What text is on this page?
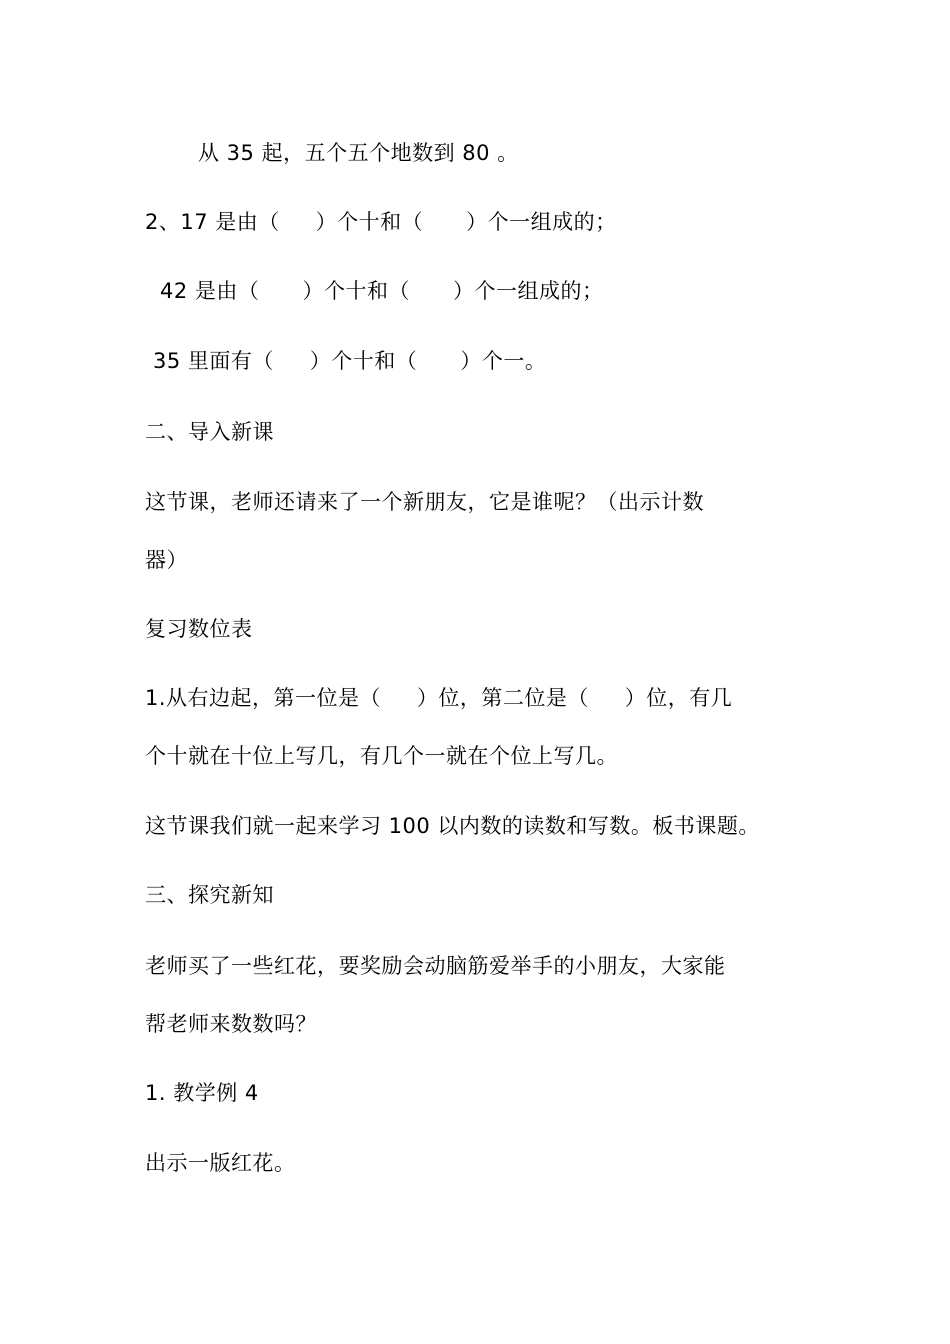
从 35 起，五个五个地数到 80 。
2、17 是由（     ）个十和（      ）个一组成的；
42 是由（      ）个十和（      ）个一组成的；
35 里面有（     ）个十和（      ）个一。
二、导入新课
这节课，老师还请来了一个新朋友，它是谁呢？（出示计数
器）
复习数位表
1.从右边起，第一位是（     ）位，第二位是（     ）位，有几
个十就在十位上写几，有几个一就在个位上写几。
这节课我们就一起来学习 100 以内数的读数和写数。板书课题。
三、探究新知
老师买了一些红花，要奖励会动脑筋爱举手的小朋友，大家能
帮老师来数数吗？
1. 教学例 4
出示一版红花。
